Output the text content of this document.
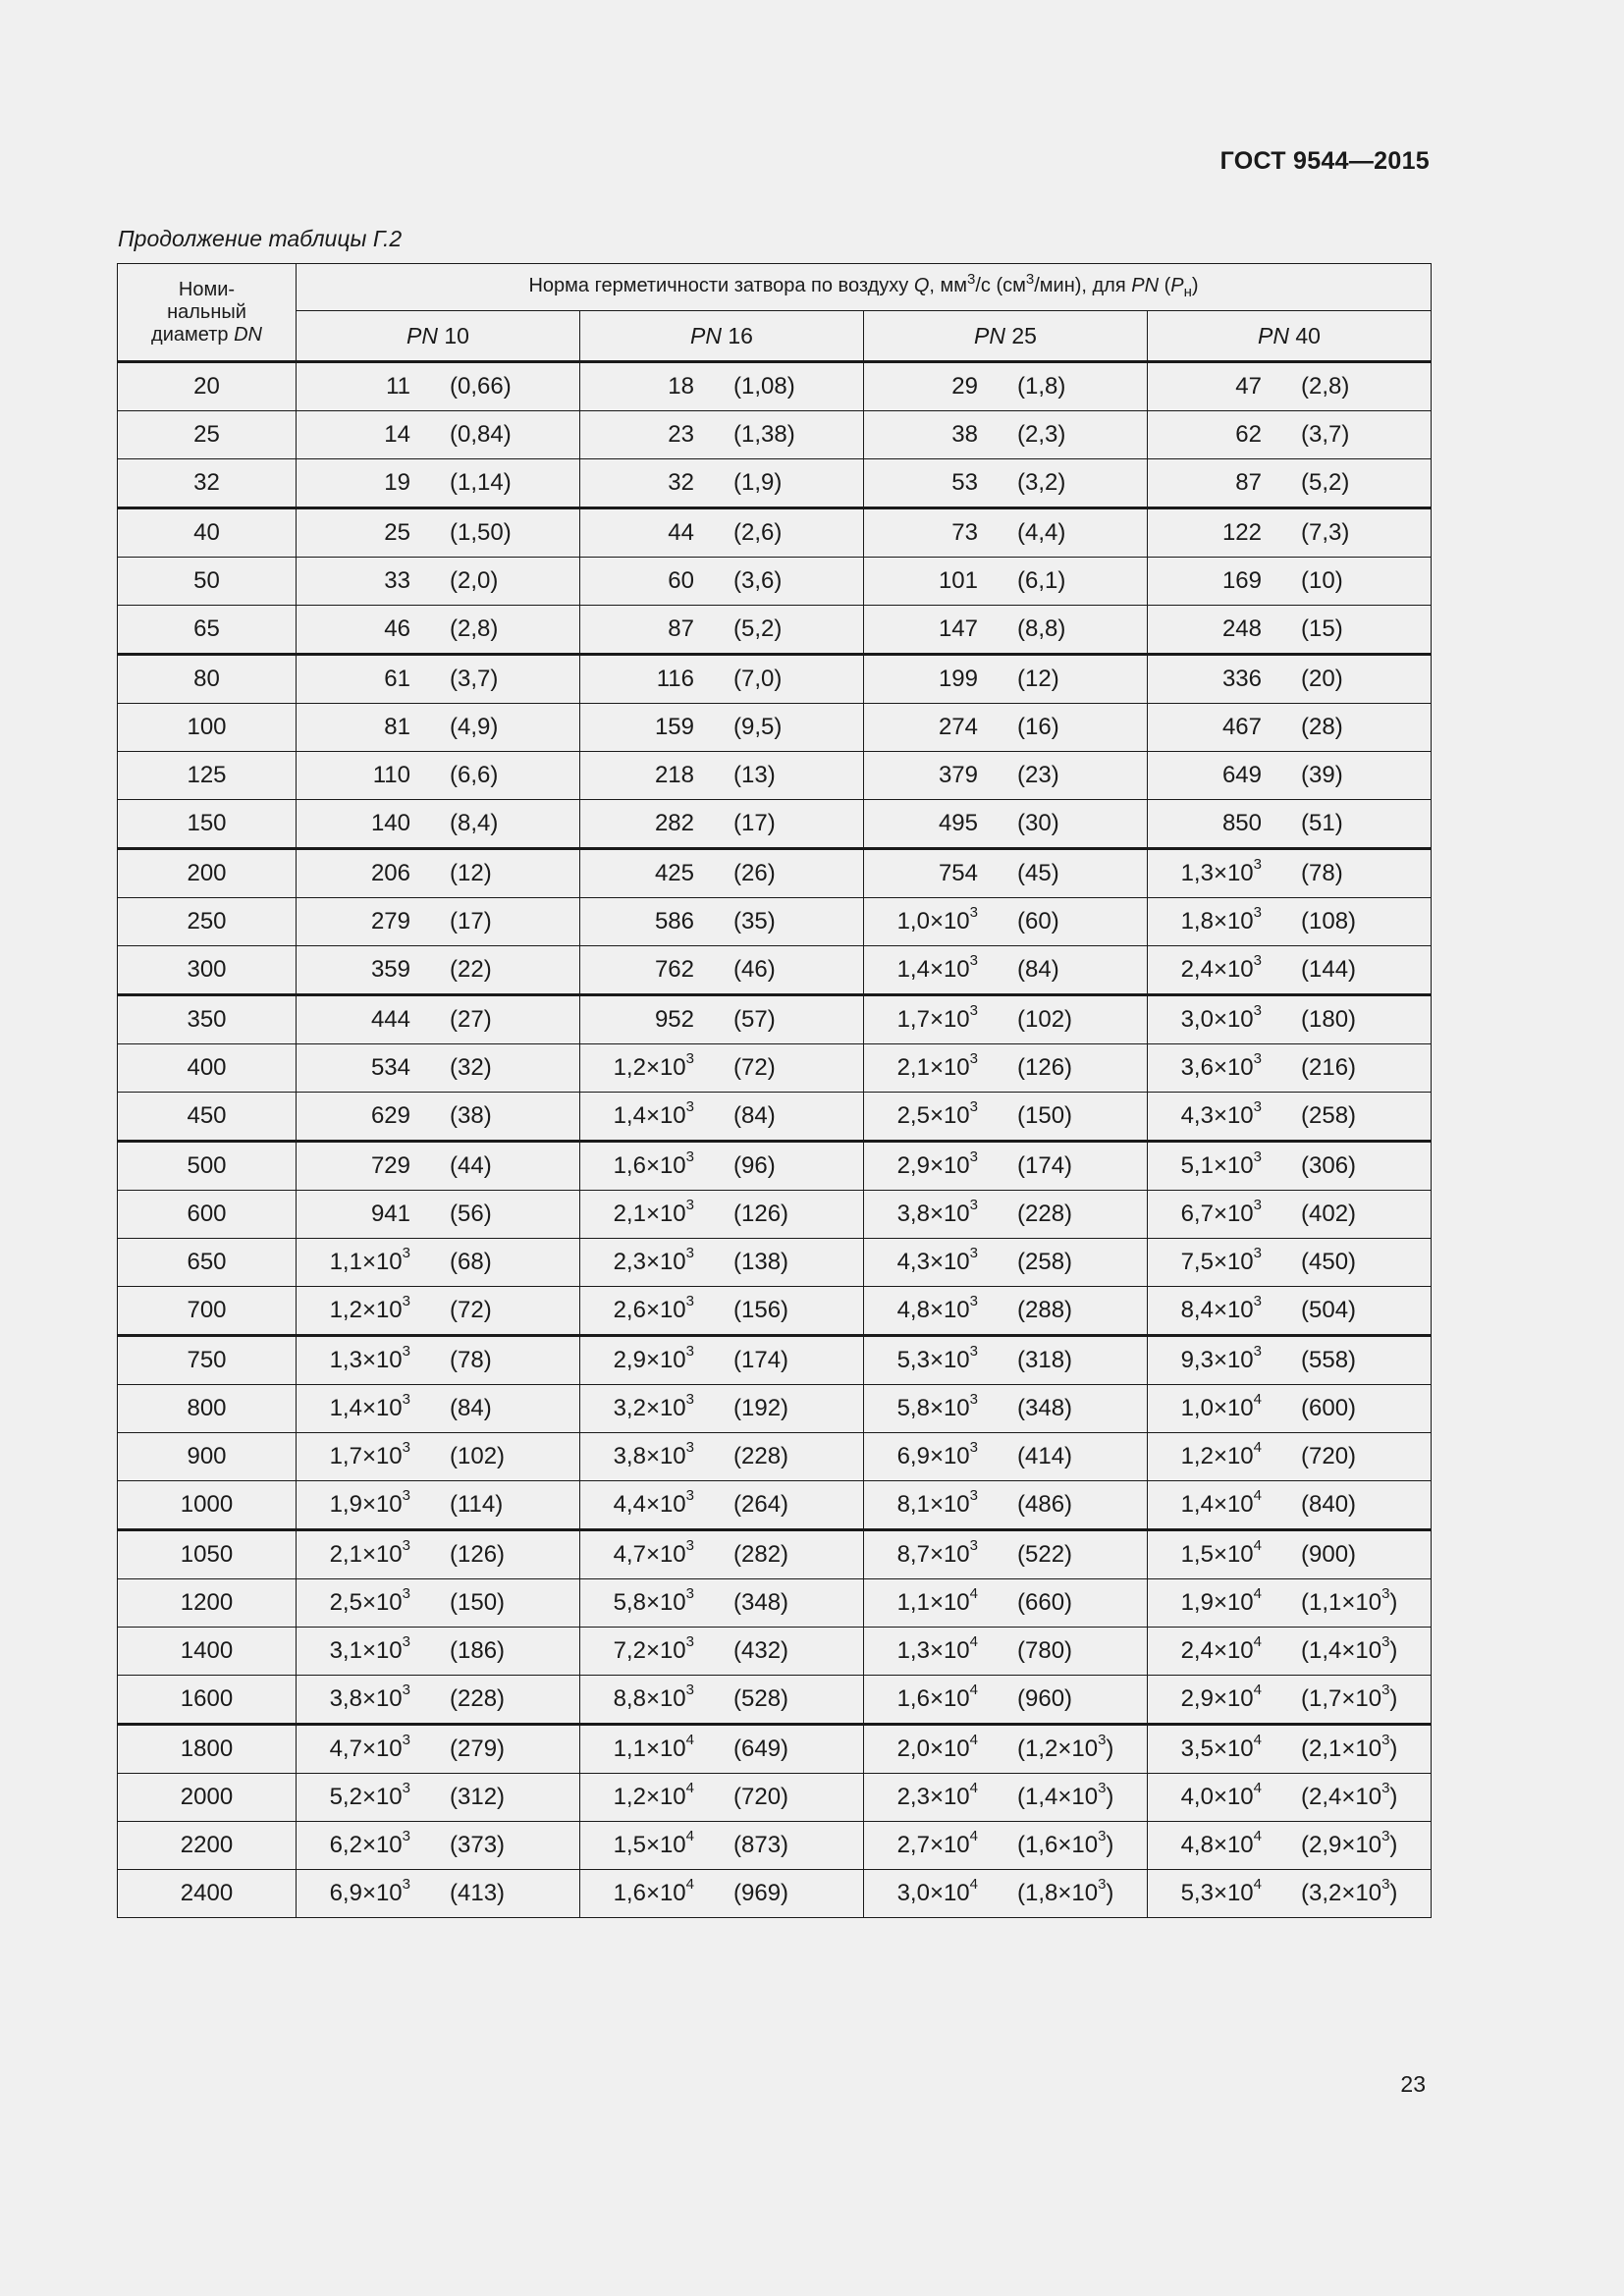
ГОСТ 9544—2015
Продолжение таблицы Г.2
Номи-
нальный
диаметр DN	Норма герметичности затвора по воздуху Q, $мм^3/с$ $(см^3/мин)$, для PN $(P_н)$			
	PN 10	PN 16	PN 25	PN 40
20	11 (0,66)	18 (1,08)	29 (1,8)	47 (2,8)

25	14 (0,84)	23 (1,38)	38 (2,3)	62 (3,7)

32	19 (1,14)	32 (1,9)	53 (3,2)	87 (5,2)

40	25 (1,50)	44 (2,6)	73 (4,4)	122 (7,3)

50	33 (2,0)	60 (3,6)	101 (6,1)	169 (10)

65	46 (2,8)	87 (5,2)	147 (8,8)	248 (15)

80	61 (3,7)	116 (7,0)	199 (12)	336 (20)

100	81 (4,9)	159 (9,5)	274 (16)	467 (28)

125	110 (6,6)	218 (13)	379 (23)	649 (39)

150	140 (8,4)	282 (17)	495 (30)	850 (51)

200	206 (12)	425 (26)	754 (45)	$1,3\times 10^3$ (78)

250	279 (17)	586 (35)	$1,0\times 10^3$ (60)	$1,8\times 10^3$ (108)

300	359 (22)	762 (46)	$1,4\times 10^3$ (84)	$2,4\times 10^3$ (144)

350	444 (27)	952 (57)	$1,7\times 10^3$ (102)	$3,0\times 10^3$ (180)

400	534 (32)	$1,2\times 10^3$ (72)	$2,1\times 10^3$ (126)	$3,6\times 10^3$ (216)

450	629 (38)	$1,4\times 10^3$ (84)	$2,5\times 10^3$ (150)	$4,3\times 10^3$ (258)

500	729 (44)	$1,6\times 10^3$ (96)	$2,9\times 10^3$ (174)	$5,1\times 10^3$ (306)

600	941 (56)	$2,1\times 10^3$ (126)	$3,8\times 10^3$ (228)	$6,7\times 10^3$ (402)

650	$1,1\times 10^3$ (68)	$2,3\times 10^3$ (138)	$4,3\times 10^3$ (258)	$7,5\times 10^3$ (450)

700	$1,2\times 10^3$ (72)	$2,6\times 10^3$ (156)	$4,8\times 10^3$ (288)	$8,4\times 10^3$ (504)

750	$1,3\times 10^3$ (78)	$2,9\times 10^3$ (174)	$5,3\times 10^3$ (318)	$9,3\times 10^3$ (558)

800	$1,4\times 10^3$ (84)	$3,2\times 10^3$ (192)	$5,8\times 10^3$ (348)	$1,0\times 10^4$ (600)

900	$1,7\times 10^3$ (102)	$3,8\times 10^3$ (228)	$6,9\times 10^3$ (414)	$1,2\times 10^4$ (720)

1000	$1,9\times 10^3$ (114)	$4,4\times 10^3$ (264)	$8,1\times 10^3$ (486)	$1,4\times 10^4$ (840)

1050	$2,1\times 10^3$ (126)	$4,7\times 10^3$ (282)	$8,7\times 10^3$ (522)	$1,5\times 10^4$ (900)

1200	$2,5\times 10^3$ (150)	$5,8\times 10^3$ (348)	$1,1\times 10^4$ (660)	$1,9\times 10^4$ $(1,1\times 10^3)$

1400	$3,1\times 10^3$ (186)	$7,2\times 10^3$ (432)	$1,3\times 10^4$ (780)	$2,4\times 10^4$ $(1,4\times 10^3)$

1600	$3,8\times 10^3$ (228)	$8,8\times 10^3$ (528)	$1,6\times 10^4$ (960)	$2,9\times 10^4$ $(1,7\times 10^3)$

1800	$4,7\times 10^3$ (279)	$1,1\times 10^4$ (649)	$2,0\times 10^4$ $(1,2\times 10^3)$	$3,5\times 10^4$ $(2,1\times 10^3)$

2000	$5,2\times 10^3$ (312)	$1,2\times 10^4$ (720)	$2,3\times 10^4$ $(1,4\times 10^3)$	$4,0\times 10^4$ $(2,4\times 10^3)$

2200	$6,2\times 10^3$ (373)	$1,5\times 10^4$ (873)	$2,7\times 10^4$ $(1,6\times 10^3)$	$4,8\times 10^4$ $(2,9\times 10^3)$

2400	$6,9\times 10^3$ (413)	$1,6\times 10^4$ (969)	$3,0\times 10^4$ $(1,8\times 10^3)$	$5,3\times 10^4$ $(3,2\times 10^3)$
23
